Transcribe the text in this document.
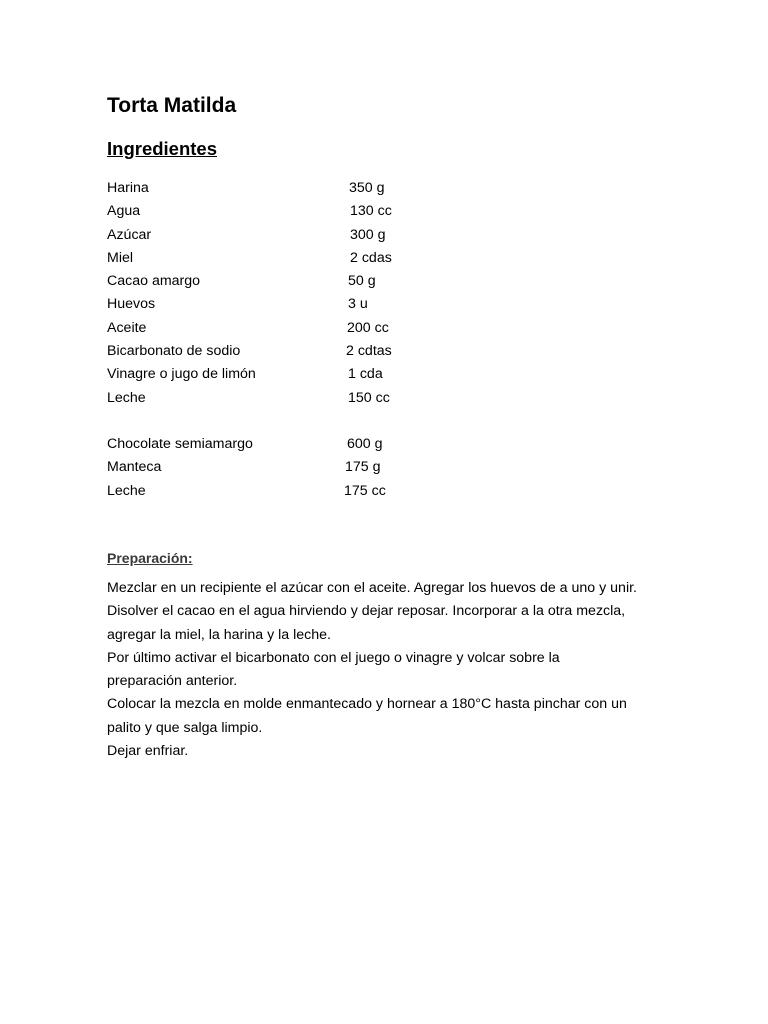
Torta Matilda
Ingredientes
Harina	350 g
Agua	130 cc
Azúcar	300 g
Miel	2 cdas
Cacao amargo	50 g
Huevos	3 u
Aceite	200 cc
Bicarbonato de sodio	2 cdtas
Vinagre o jugo de limón	1 cda
Leche	150 cc
Chocolate semiamargo	600 g
Manteca	175 g
Leche	175 cc
Preparación:

Mezclar en un recipiente el azúcar con el aceite. Agregar los huevos de a uno y unir.

Disolver el cacao en el agua hirviendo y dejar reposar. Incorporar a la otra mezcla,

agregar la miel, la harina y la leche.

Por último activar el bicarbonato con el juego o vinagre y volcar sobre la

preparación anterior.

Colocar la mezcla en molde enmantecado y hornear a 180°C hasta pinchar con un

palito y que salga limpio.

Dejar enfriar.
